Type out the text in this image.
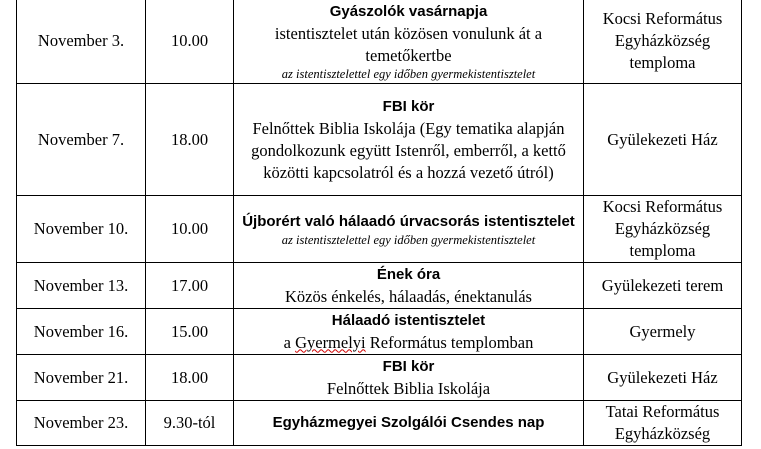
November 3.	10.00	Gyászolók vasárnapja
istentisztelet után közösen vonulunk át a temetőkertbe
az istentisztelettel egy időben gyermekistentisztelet	Kocsi Református Egyházközség temploma
November 7.	18.00	FBI kör
Felnőttek Biblia Iskolája (Egy tematika alapján gondolkozunk együtt Istenről, emberről, a kettő közötti kapcsolatról és a hozzá vezető útról)	Gyülekezeti Ház
November 10.	10.00	Újborért való hálaadó úrvacsorás istentisztelet
az istentisztelettel egy időben gyermekistentisztelet	Kocsi Református Egyházközség temploma
November 13.	17.00	Ének óra
Közös énkelés, hálaadás, énektanulás	Gyülekezeti terem
November 16.	15.00	Hálaadó istentisztelet
a Gyermelyi Református templomban	Gyermely
November 21.	18.00	FBI kör
Felnőttek Biblia Iskolája	Gyülekezeti Ház
November 23.	9.30-tól	Egyházmegyei Szolgálói Csendes nap	Tatai Református Egyházközség
